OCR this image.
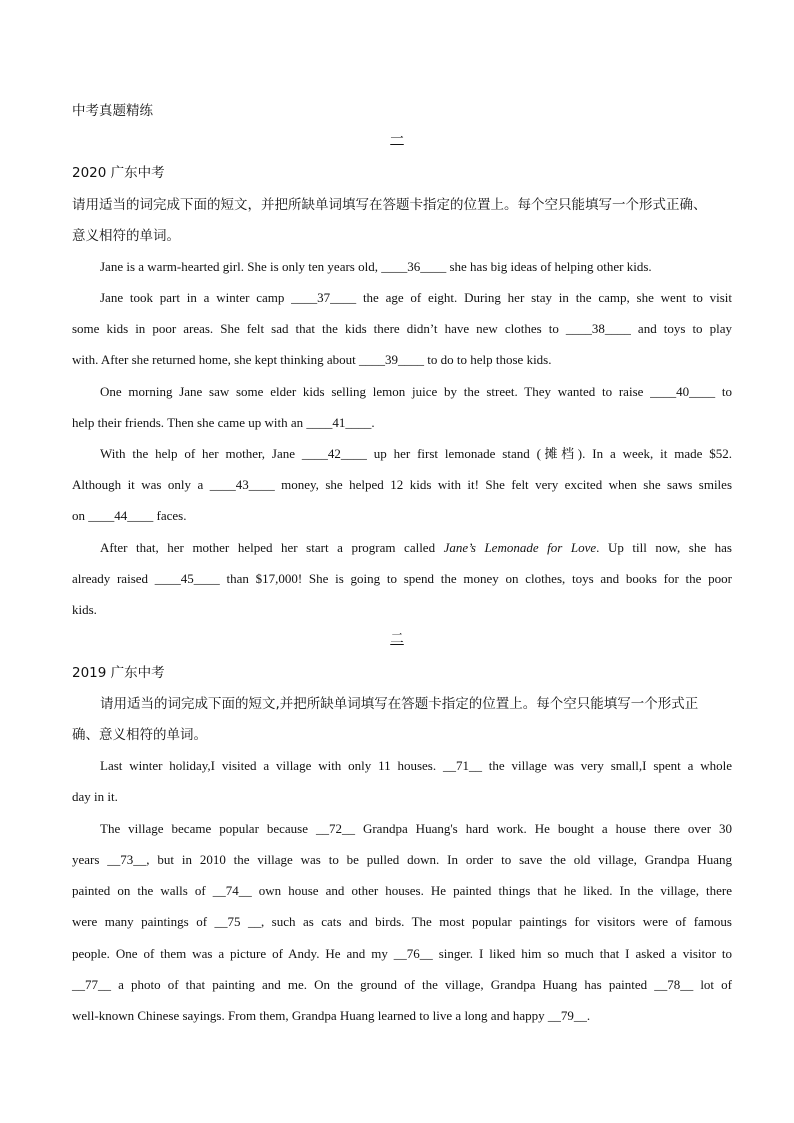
中考真题精练
一
2020 广东中考
请用适当的词完成下面的短文，并把所缺单词填写在答题卡指定的位置上。每个空只能填写一个形式正确、
意义相符的单词。
Jane is a warm-hearted girl. She is only ten years old, ____36____ she has big ideas of helping other kids.
Jane took part in a winter camp ____37____ the age of eight. During her stay in the camp, she went to visit
some kids in poor areas. She felt sad that the kids there didn’t have new clothes to ____38____ and toys to play
with. After she returned home, she kept thinking about ____39____ to do to help those kids.
One morning Jane saw some elder kids selling lemon juice by the street. They wanted to raise ____40____ to
help their friends. Then she came up with an ____41____.
With the help of her mother, Jane ____42____ up her first lemonade stand (摊档). In a week, it made $52.
Although it was only a ____43____ money, she helped 12 kids with it! She felt very excited when she saws smiles
on ____44____ faces.
After that, her mother helped her start a program called Jane’s Lemonade for Love. Up till now, she has
already raised ____45____ than $17,000! She is going to spend the money on clothes, toys and books for the poor
kids.
二
2019 广东中考
请用适当的词完成下面的短文,并把所缺单词填写在答题卡指定的位置上。每个空只能填写一个形式正
确、意义相符的单词。
Last winter holiday,I visited a village with only 11 houses. __71__ the village was very small,I spent a whole
day in it.
The village became popular because __72__ Grandpa Huang's hard work. He bought a house there over 30
years __73__, but in 2010 the village was to be pulled down. In order to save the old village, Grandpa Huang
painted on the walls of __74__ own house and other houses. He painted things that he liked. In the village, there
were many paintings of __75 __, such as cats and birds. The most popular paintings for visitors were of famous
people. One of them was a picture of Andy. He and my __76__ singer. I liked him so much that I asked a visitor to
__77__ a photo of that painting and me. On the ground of the village, Grandpa Huang has painted __78__ lot of
well-known Chinese sayings. From them, Grandpa Huang learned to live a long and happy __79__.
